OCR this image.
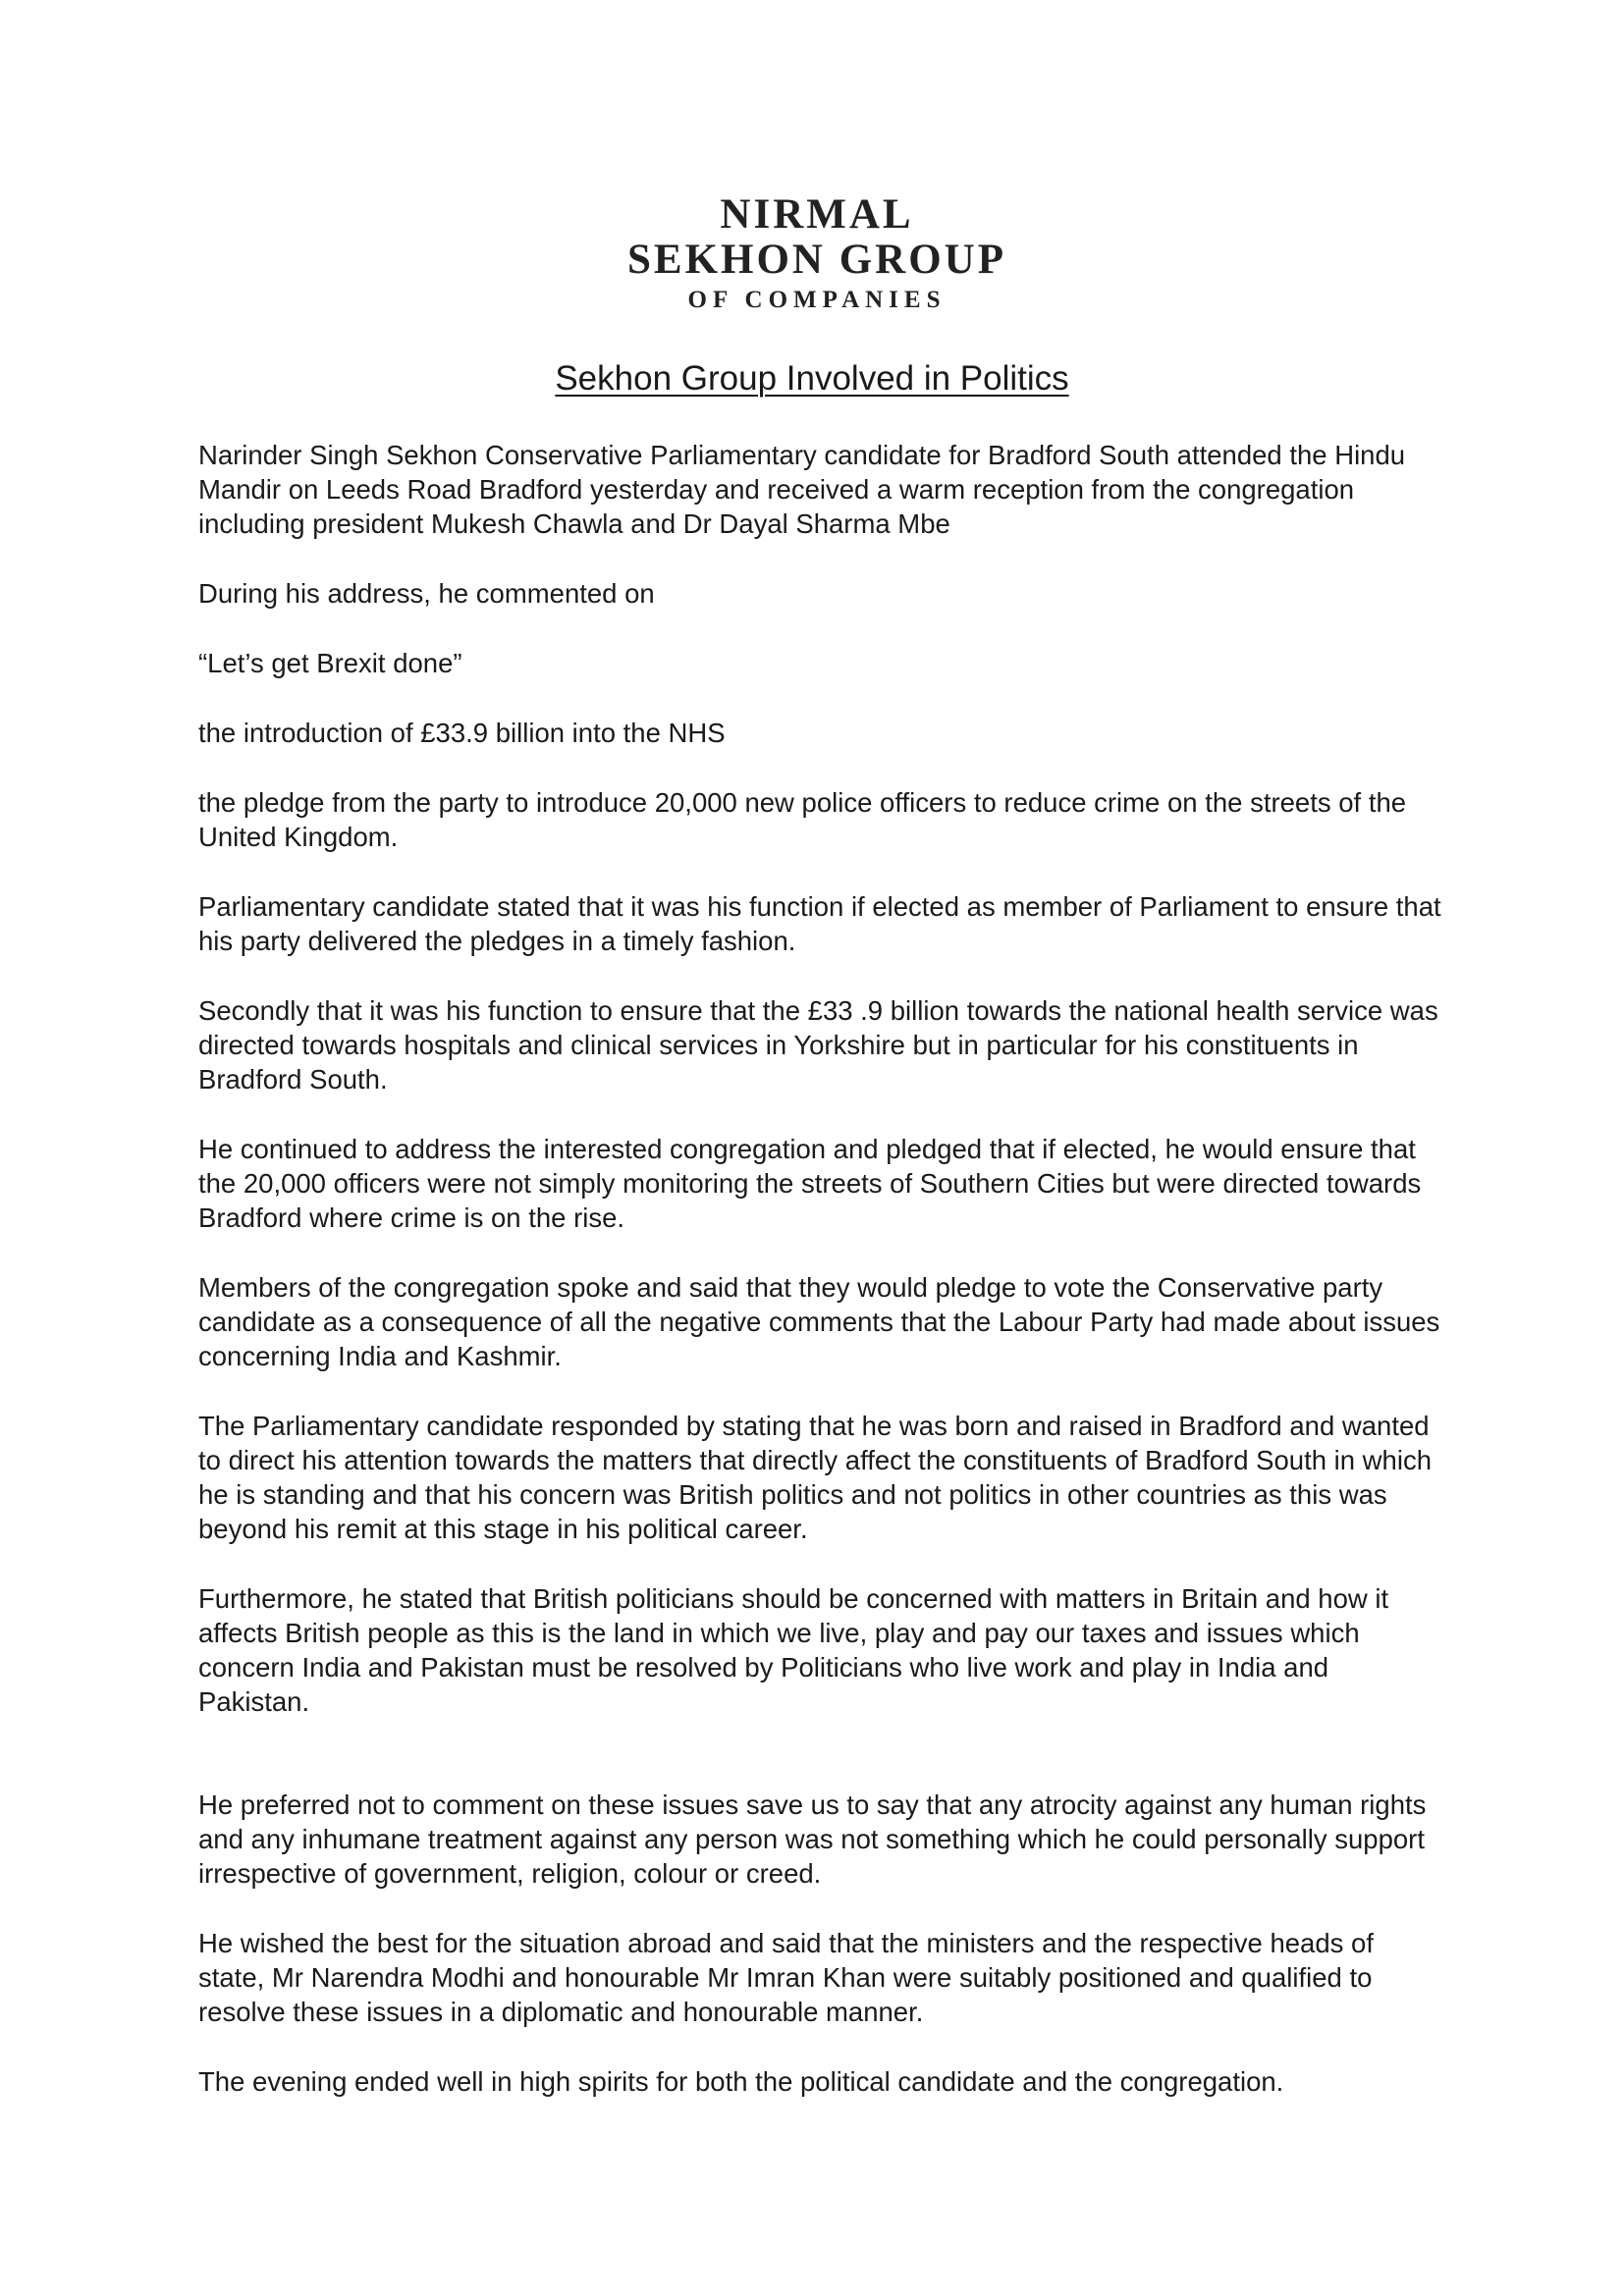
NIRMAL
SEKHON GROUP
OF COMPANIES
Sekhon Group Involved in Politics

Narinder Singh Sekhon Conservative Parliamentary candidate for Bradford South attended the Hindu Mandir on Leeds Road Bradford yesterday and received a warm reception from the congregation including president Mukesh Chawla and Dr Dayal Sharma Mbe

During his address, he commented on

“Let’s get Brexit done”

the introduction of £33.9 billion into the NHS

the pledge from the party to introduce 20,000 new police officers to reduce crime on the streets of the United Kingdom.

Parliamentary candidate stated that it was his function if elected as member of Parliament to ensure that his party delivered the pledges in a timely fashion.

Secondly that it was his function to ensure that the £33 .9 billion towards the national health service was directed towards hospitals and clinical services in Yorkshire but in particular for his constituents in Bradford South.

He continued to address the interested congregation and pledged that if elected, he would ensure that the 20,000 officers were not simply monitoring the streets of Southern Cities but were directed towards Bradford where crime is on the rise.

Members of the congregation spoke and said that they would pledge to vote the Conservative party candidate as a consequence of all the negative comments that the Labour Party had made about issues concerning India and Kashmir.

The Parliamentary candidate responded by stating that he was born and raised in Bradford and wanted to direct his attention towards the matters that directly affect the constituents of Bradford South in which he is standing and that his concern was British politics and not politics in other countries as this was beyond his remit at this stage in his political career.

Furthermore, he stated that British politicians should be concerned with matters in Britain and how it affects British people as this is the land in which we live, play and pay our taxes and issues which concern India and Pakistan must be resolved by Politicians who live work and play in India and Pakistan.

He preferred not to comment on these issues save us to say that any atrocity against any human rights and any inhumane treatment against any person was not something which he could personally support irrespective of government, religion, colour or creed.

He wished the best for the situation abroad and said that the ministers and the respective heads of state, Mr Narendra Modhi and honourable Mr Imran Khan were suitably positioned and qualified to resolve these issues in a diplomatic and honourable manner.

The evening ended well in high spirits for both the political candidate and the congregation.
